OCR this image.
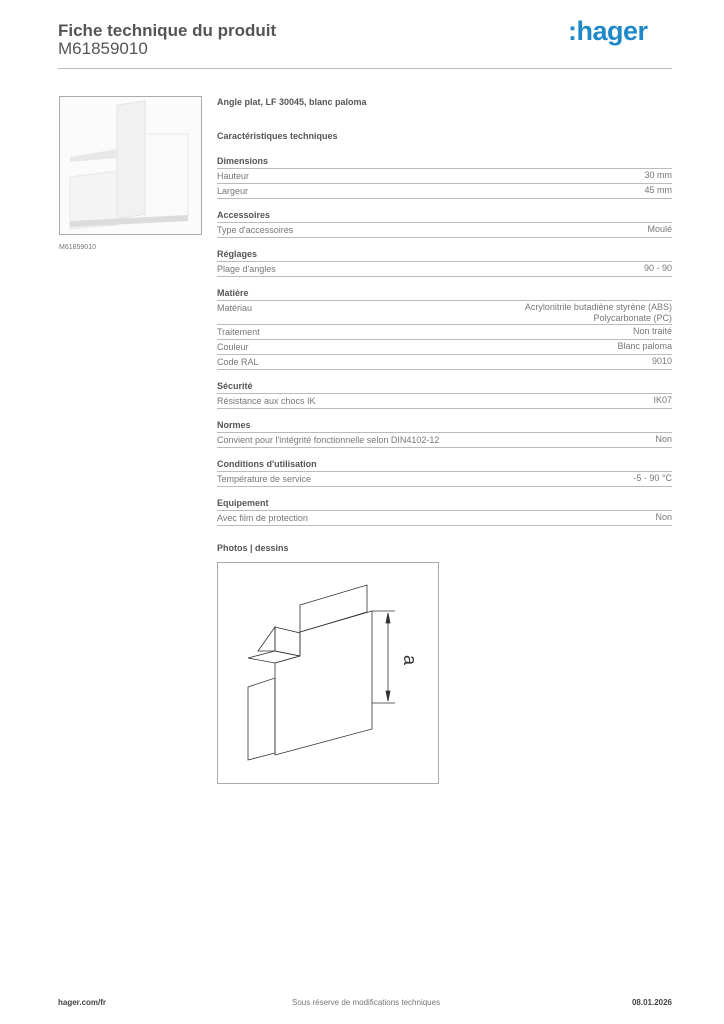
Fiche technique du produit
M61859010
:hager
M61859010
Angle plat, LF 30045, blanc paloma
Caractéristiques techniques
Dimensions
Hauteur	30 mm
Largeur	45 mm
Accessoires
Type d'accessoires	Moulé
Réglages
Plage d'angles	90 - 90
Matière
Matériau	Acrylonitrile butadiène styrène (ABS)
Polycarbonate (PC)
Traitement	Non traité
Couleur	Blanc paloma
Code RAL	9010
Sécurité
Résistance aux chocs IK	IK07
Normes
Convient pour l'intégrité fonctionnelle selon DIN4102-12	Non
Conditions d'utilisation
Température de service	-5 - 90 °C
Equipement
Avec film de protection	Non
Photos | dessins
a
hager.com/fr	Sous réserve de modifications techniques	08.01.2026
